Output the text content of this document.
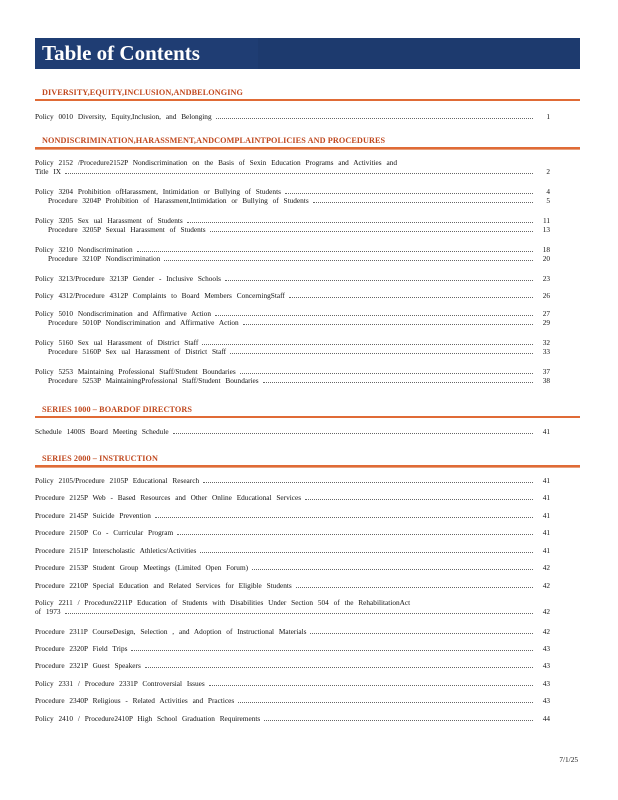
Table of Contents
DIVERSITY,EQUITY,INCLUSION,ANDBELONGING
Policy 0010 Diversity, Equity,Inclusion, and Belonging	1
NONDISCRIMINATION,HARASSMENT,ANDCOMPLAINTPOLICIES AND PROCEDURES
Policy 2152 /Procedure2152P Nondiscrimination on the Basis of Sexin Education Programs and Activities and
Title IX	2
Policy 3204 Prohibition ofHarassment, Intimidation or Bullying of Students	4
Procedure 3204P Prohibition of Harassment,Intimidation or Bullying of Students	5
Policy 3205 Sex ual Harassment of Students	11
Procedure 3205P Sexual Harassment of Students	13
Policy 3210 Nondiscrimination	18
Procedure 3210P Nondiscrimination	20
Policy 3213/Procedure 3213P Gender - Inclusive Schools	23
Policy 4312/Procedure 4312P Complaints to Board Members ConcerningStaff	26
Policy 5010 Nondiscrimination and Affirmative Action	27
Procedure 5010P Nondiscrimination and Affirmative Action	29
Policy 5160 Sex ual Harassment of District Staff	32
Procedure 5160P Sex ual Harassment of District Staff	33
Policy 5253 Maintaining Professional Staff/Student Boundaries	37
Procedure 5253P MaintainingProfessional Staff/Student Boundaries	38
SERIES 1000 – BOARDOF DIRECTORS
Schedule 1400S Board Meeting Schedule	41
SERIES 2000 – INSTRUCTION
Policy 2105/Procedure 2105P Educational Research	41
Procedure 2125P Web - Based Resources and Other Online Educational Services	41
Procedure 2145P Suicide Prevention	41
Procedure 2150P Co - Curricular Program	41
Procedure 2151P Interscholastic Athletics/Activities	41
Procedure 2153P Student Group Meetings (Limited Open Forum)	42
Procedure 2210P Special Education and Related Services for Eligible Students	42
Policy 2211 / Procedure2211P Education of Students with Disabilities Under Section 504 of the RehabilitationAct
of 1973	42
Procedure 2311P CourseDesign, Selection , and Adoption of Instructional Materials	42
Procedure 2320P Field Trips	43
Procedure 2321P Guest Speakers	43
Policy 2331 / Procedure 2331P Controversial Issues	43
Procedure 2340P Religious - Related Activities and Practices	43
Policy 2410 / Procedure2410P High School Graduation Requirements	44
7/1/25
